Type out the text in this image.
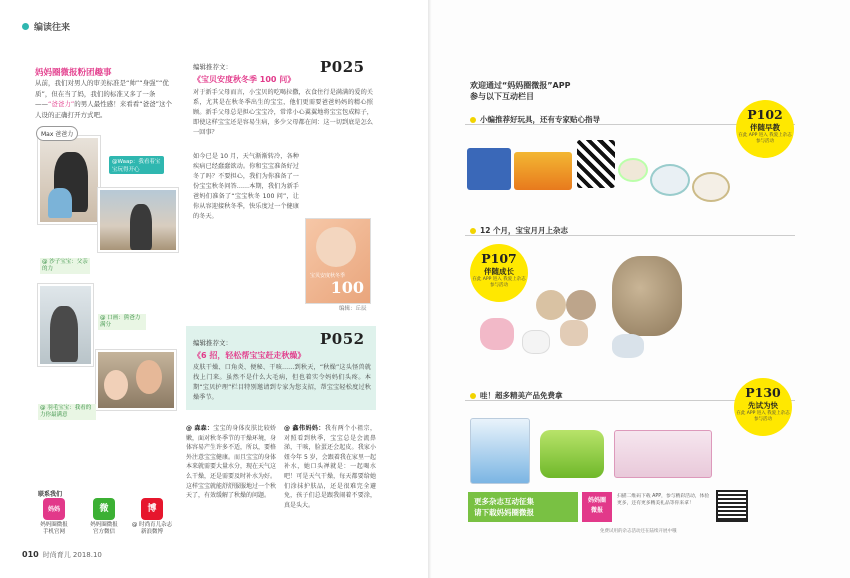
编读往来
妈妈圈微报粉团趣事
从前，我们对男人的审美标准是“帅”“身强”“优质”，但在当了妈，我们的标准又多了一条——“爸爸力”的男人最性感！来看看“爸爸”这个人设的正确打开方式吧。
Max 爸爸力
@Waap：我看着宝宝玩得开心
@ 沙子宝宝：父亲的力
@ 口画：熊爸力满分
@ 羽毛宝宝：我看的力你最满意
联系我们
妈妈
妈妈圈微报
手机官网
微
妈妈圈微报
官方微信
博
@ 时尚育儿杂志
新浪微博
010 时尚育儿 2018.10
编辑推荐文：	P025
《宝贝安度秋冬季 100 问》
对于新手父母而言，小宝贝的吃喝拉撒，衣食住行是满满的爱的关系，尤其是在秋冬季出生的宝宝，他们更需要爸爸妈妈的精心照顾。新手父母总是担心宝宝冷，常常小心翼翼地将宝宝包成粽子，即使这样宝宝还是容易生病，多少父母都在问：这一切到底是怎么一回事？
如今已是 10 月，天气渐渐转冷，各种疾病已经蠢蠢欲动。你和宝宝准备好过冬了吗？不要担心，我们为你准备了一份宝宝秋冬问答……本期，我们为新手爸妈们准备了“宝宝秋冬 100 问”，让你从容迎接秋冬季，快乐度过一个健康的冬天。
宝贝安度秋冬季
100
编辑：丘辰
编辑推荐文：	P052
《6 招，轻松帮宝宝赶走秋燥》
皮肤干燥、口角炎、便秘、干咳……到秋天，“秋燥”这头怪兽就找上门来。虽然不是什么大毛病，但也着实令妈妈们头疼。本期“宝贝护理”栏目特别邀请到专家为您支招，帮宝宝轻松度过秋燥季节。
@ 森森：宝宝的身体皮肤比较娇嫩，面对秋冬季节的干燥环境，身体容易产生许多不适，所以，要格外注意宝宝健康。而且宝宝的身体本来就需要大量水分，现在天气这么干燥，还是需要及时补水为好。这样宝宝就能舒舒服服地过一个秋天了，有效缓解了秋燥的问题。
@ 鑫伟妈妈：我有两个小祖宗，对照看到秋季，宝宝总是会流鼻涕，干咳，脸蛋还会起皮。我家小妞今年 5 岁，会跟着我在家里一起补水，她口头禅就是：一起喝水吧！可是天气干燥，每天都要给她们涂抹护肤品，还是很难完全避免，孩子们总是跟我闹着不要涂，真是头大。
欢迎通过“妈妈圈微报”APP
参与以下互动栏目
小编推荐好玩具，还有专家贴心指导	P102
伴随早教
在此 APP 进入 我爱上杂志 参与活动
12 个月，宝宝月月上杂志
P107
伴随成长
在此 APP 进入 我爱上杂志 参与活动
哇！超多精美产品免费拿	P130
先试为快
在此 APP 进入 我爱上杂志 参与活动
更多杂志互动征集
请下载妈妈圈微报
妈妈圈
微报
扫描二维码下载 APP，参与精彩活动，体验更多，还有更多精美礼品等你来拿！
免费试用的杂志活动还在陆续开展中哦
